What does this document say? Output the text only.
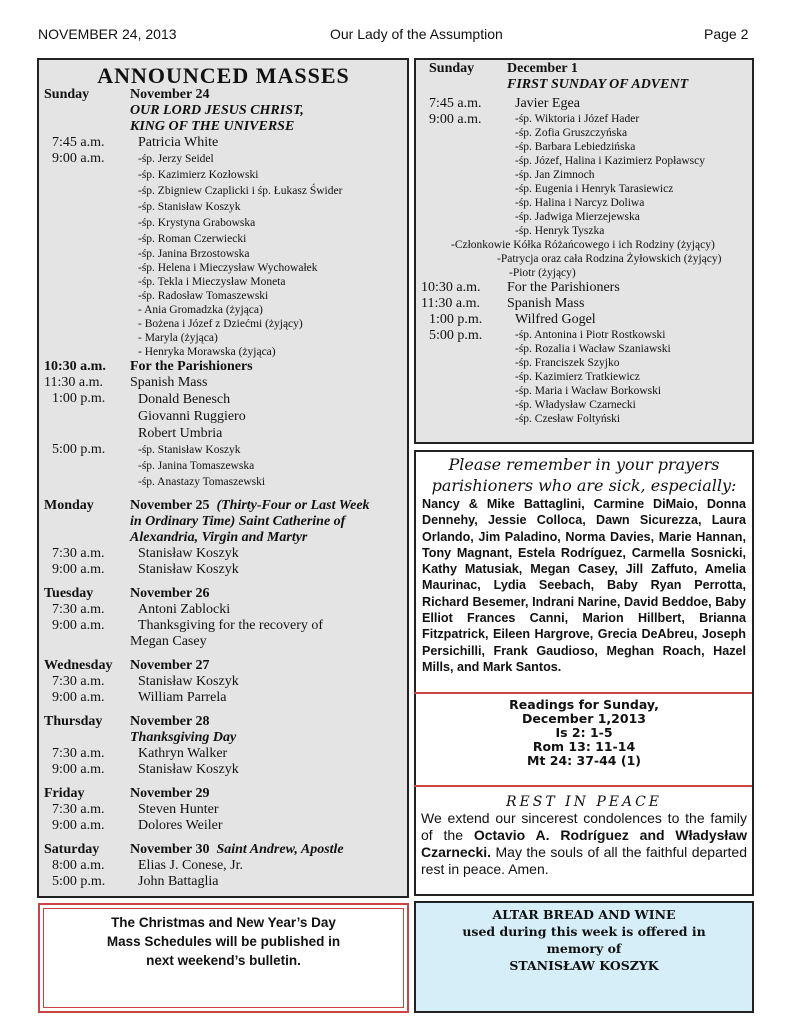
NOVEMBER 24, 2013	Our Lady of the Assumption	Page 2
ANNOUNCED MASSES
Sunday	November 24
OUR LORD JESUS CHRIST,
KING OF THE UNIVERSE
7:45 a.m.	Patricia White
9:00 a.m.	-śp. Jerzy Seidel
-śp. Kazimierz Kozłowski
-śp. Zbigniew Czaplicki i śp. Łukasz Świder
-śp. Stanisław Koszyk
-śp. Krystyna Grabowska
-śp. Roman Czerwiecki
-śp. Janina Brzostowska
-śp. Helena i Mieczysław Wychowałek
-śp. Tekla i Mieczysław Moneta
-śp. Radosław Tomaszewski
- Ania Gromadzka (żyjąca)
- Bożena i Józef z Dziećmi (żyjący)
- Maryla (żyjąca)
- Henryka Morawska (żyjąca)
10:30 a.m.	For the Parishioners
11:30 a.m.	Spanish Mass
1:00 p.m.	Donald Benesch
Giovanni Ruggiero
Robert Umbria
5:00 p.m.	-śp. Stanisław Koszyk
-śp. Janina Tomaszewska
-śp. Anastazy Tomaszewski
Monday	November 25 (Thirty-Four or Last Week
in Ordinary Time) Saint Catherine of
Alexandria, Virgin and Martyr
7:30 a.m.	Stanisław Koszyk
9:00 a.m.	Stanisław Koszyk
Tuesday	November 26
7:30 a.m.	Antoni Zablocki
9:00 a.m.	Thanksgiving for the recovery of
Megan Casey
Wednesday	November 27
7:30 a.m.	Stanisław Koszyk
9:00 a.m.	William Parrela
Thursday	November 28
Thanksgiving Day
7:30 a.m.	Kathryn Walker
9:00 a.m.	Stanisław Koszyk
Friday	November 29
7:30 a.m.	Steven Hunter
9:00 a.m.	Dolores Weiler
Saturday	November 30 Saint Andrew, Apostle
8:00 a.m.	Elias J. Conese, Jr.
5:00 p.m.	John Battaglia
Sunday	December 1
FIRST SUNDAY OF ADVENT
7:45 a.m.	Javier Egea
9:00 a.m.	-śp. Wiktoria i Józef Hader
-śp. Zofia Gruszczyńska
-śp. Barbara Lebiedzińska
-śp. Józef, Halina i Kazimierz Popławscy
-śp. Jan Zimnoch
-śp. Eugenia i Henryk Tarasiewicz
-śp. Halina i Narcyz Doliwa
-śp. Jadwiga Mierzejewska
-śp. Henryk Tyszka
-Członkowie Kółka Różańcowego i ich Rodziny (żyjący)
-Patrycja oraz cała Rodzina Żyłowskich (żyjący)
-Piotr (żyjący)
10:30 a.m.	For the Parishioners
11:30 a.m.	Spanish Mass
1:00 p.m.	Wilfred Gogel
5:00 p.m.	-śp. Antonina i Piotr Rostkowski
-śp. Rozalia i Wacław Szaniawski
-śp. Franciszek Szyjko
-śp. Kazimierz Tratkiewicz
-śp. Maria i Wacław Borkowski
-śp. Władysław Czarnecki
-śp. Czesław Foltyński
Please remember in your prayers
parishioners who are sick, especially:
Nancy & Mike Battaglini, Carmine DiMaio, Donna Dennehy, Jessie Colloca, Dawn Sicurezza, Laura Orlando, Jim Paladino, Norma Davies, Marie Hannan, Tony Magnant, Estela Rodríguez, Carmella Sosnicki, Kathy Matusiak, Megan Casey, Jill Zaffuto, Amelia Maurinac, Lydia Seebach, Baby Ryan Perrotta, Richard Besemer, Indrani Narine, David Beddoe, Baby Elliot Frances Canni, Marion Hillbert, Brianna Fitzpatrick, Eileen Hargrove, Grecia DeAbreu, Joseph Persichilli, Frank Gaudioso, Meghan Roach, Hazel Mills, and Mark Santos.
Readings for Sunday,
December 1,2013
Is 2: 1-5
Rom 13: 11-14
Mt 24: 37-44 (1)
REST IN PEACE
We extend our sincerest condolences to the family of the Octavio A. Rodríguez and Władysław Czarnecki. May the souls of all the faithful departed rest in peace. Amen.
The Christmas and New Year’s Day
Mass Schedules will be published in
next weekend’s bulletin.
ALTAR BREAD AND WINE
used during this week is offered in
memory of
STANISŁAW KOSZYK
